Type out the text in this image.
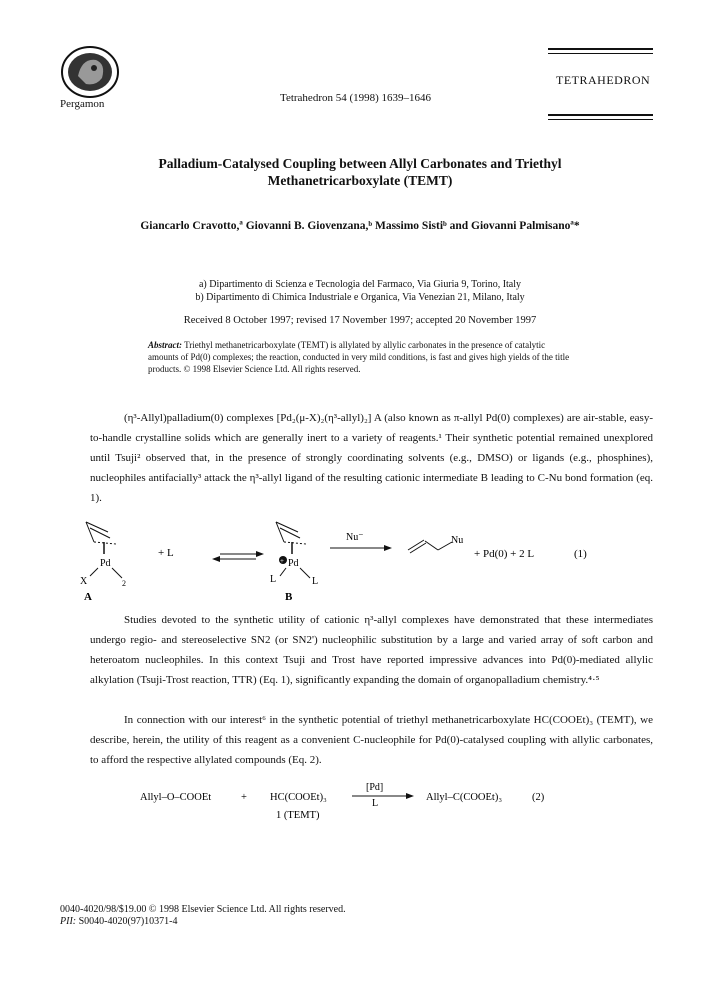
Pergamon	Tetrahedron 54 (1998) 1639–1646
TETRAHEDRON
Palladium-Catalysed Coupling between Allyl Carbonates and Triethyl
Methanetricarboxylate (TEMT)
Giancarlo Cravotto,ª Giovanni B. Giovenzana,ᵇ Massimo Sistiᵇ and Giovanni Palmisanoª*
a) Dipartimento di Scienza e Tecnologia del Farmaco, Via Giuria 9, Torino, Italy
b) Dipartimento di Chimica Industriale e Organica, Via Venezian 21, Milano, Italy
Received 8 October 1997; revised 17 November 1997; accepted 20 November 1997
Abstract: Triethyl methanetricarboxylate (TEMT) is allylated by allylic carbonates in the presence of catalytic amounts of Pd(0) complexes; the reaction, conducted in very mild conditions, is fast and gives high yields of the title products. © 1998 Elsevier Science Ltd. All rights reserved.
(η³-Allyl)palladium(0) complexes [Pd₂(μ-X)₂(η³-allyl)₂] A (also known as π-allyl Pd(0) complexes) are air-stable, easy-to-handle crystalline solids which are generally inert to a variety of reagents.¹ Their synthetic potential remained unexplored until Tsuji² observed that, in the presence of strongly coordinating solvents (e.g., DMSO) or ligands (e.g., phosphines), nucleophiles antifacially³ attack the η³-allyl ligand of the resulting cationic intermediate B leading to C-Nu bond formation (eq. 1).
Pd
X	2
+ L
+ Pd
L	L
Nu⁻	Nu
+ Pd(0) + 2 L	(1)
A	B
Studies devoted to the synthetic utility of cationic η³-allyl complexes have demonstrated that these intermediates undergo regio- and stereoselective SN2 (or SN2') nucleophilic substitution by a large and varied array of soft carbon and heteroatom nucleophiles. In this context Tsuji and Trost have reported impressive advances into Pd(0)-mediated allylic alkylation (Tsuji-Trost reaction, TTR) (Eq. 1), significantly expanding the domain of organopalladium chemistry.⁴·⁵
In connection with our interest⁶ in the synthetic potential of triethyl methanetricarboxylate HC(COOEt)₃ (TEMT), we describe, herein, the utility of this reagent as a convenient C-nucleophile for Pd(0)-catalysed coupling with allylic carbonates, to afford the respective allylated compounds (Eq. 2).
Allyl–O–COOEt	+ HC(COOEt)₃
[Pd]
L
Allyl–C(COOEt)₃	(2)
1 (TEMT)
0040-4020/98/$19.00 © 1998 Elsevier Science Ltd. All rights reserved.
PII: S0040-4020(97)10371-4
